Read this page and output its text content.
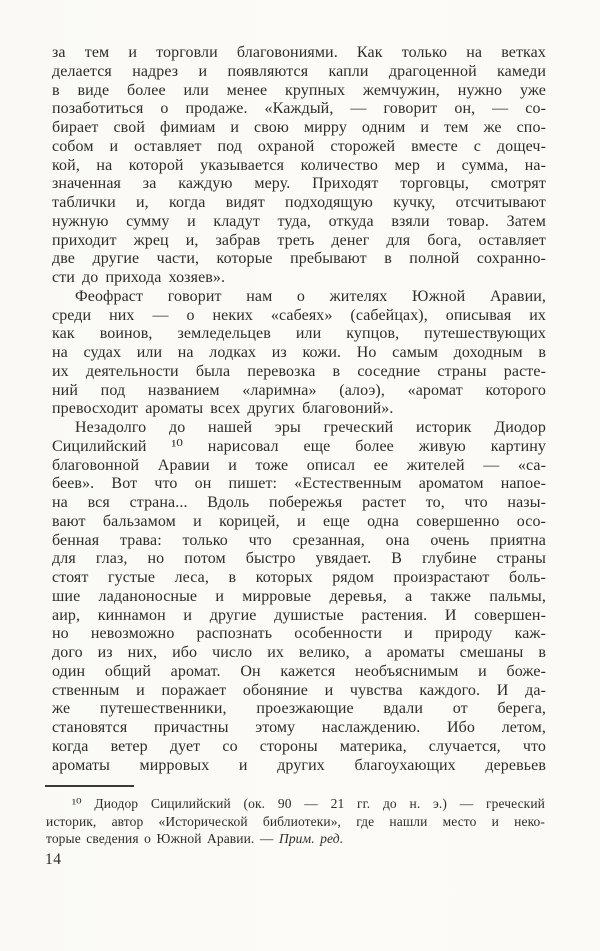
за тем и торговли благовониями. Как только на ветках
делается надрез и появляются капли драгоценной камеди
в виде более или менее крупных жемчужин, нужно уже
позаботиться о продаже. «Каждый, — говорит он, — со-
бирает свой фимиам и свою мирру одним и тем же спо-
собом и оставляет под охраной сторожей вместе с дощеч-
кой, на которой указывается количество мер и сумма, на-
значенная за каждую меру. Приходят торговцы, смотрят
таблички и, когда видят подходящую кучку, отсчитывают
нужную сумму и кладут туда, откуда взяли товар. Затем
приходит жрец и, забрав треть денег для бога, оставляет
две другие части, которые пребывают в полной сохранно-
сти до прихода хозяев».
Феофраст говорит нам о жителях Южной Аравии,
среди них — о неких «сабеях» (сабейцах), описывая их
как воинов, земледельцев или купцов, путешествующих
на судах или на лодках из кожи. Но самым доходным в
их деятельности была перевозка в соседние страны расте-
ний под названием «ларимна» (алоэ), «аромат которого
превосходит ароматы всех других благовоний».
Незадолго до нашей эры греческий историк Диодор
Сицилийский ¹⁰ нарисовал еще более живую картину
благовонной Аравии и тоже описал ее жителей — «са-
беев». Вот что он пишет: «Естественным ароматом напое-
на вся страна... Вдоль побережья растет то, что назы-
вают бальзамом и корицей, и еще одна совершенно осо-
бенная трава: только что срезанная, она очень приятна
для глаз, но потом быстро увядает. В глубине страны
стоят густые леса, в которых рядом произрастают боль-
шие ладаноносные и мирровые деревья, а также пальмы,
аир, киннамон и другие душистые растения. И совершен-
но невозможно распознать особенности и природу каж-
дого из них, ибо число их велико, а ароматы смешаны в
один общий аромат. Он кажется необъяснимым и боже-
ственным и поражает обоняние и чувства каждого. И да-
же путешественники, проезжающие вдали от берега,
становятся причастны этому наслаждению. Ибо летом,
когда ветер дует со стороны материка, случается, что
ароматы мирровых и других благоухающих деревьев
¹⁰ Диодор Сицилийский (ок. 90 — 21 гг. до н. э.) — греческий
историк, автор «Исторической библиотеки», где нашли место и неко-
торые сведения о Южной Аравии. — Прим. ред.
14
